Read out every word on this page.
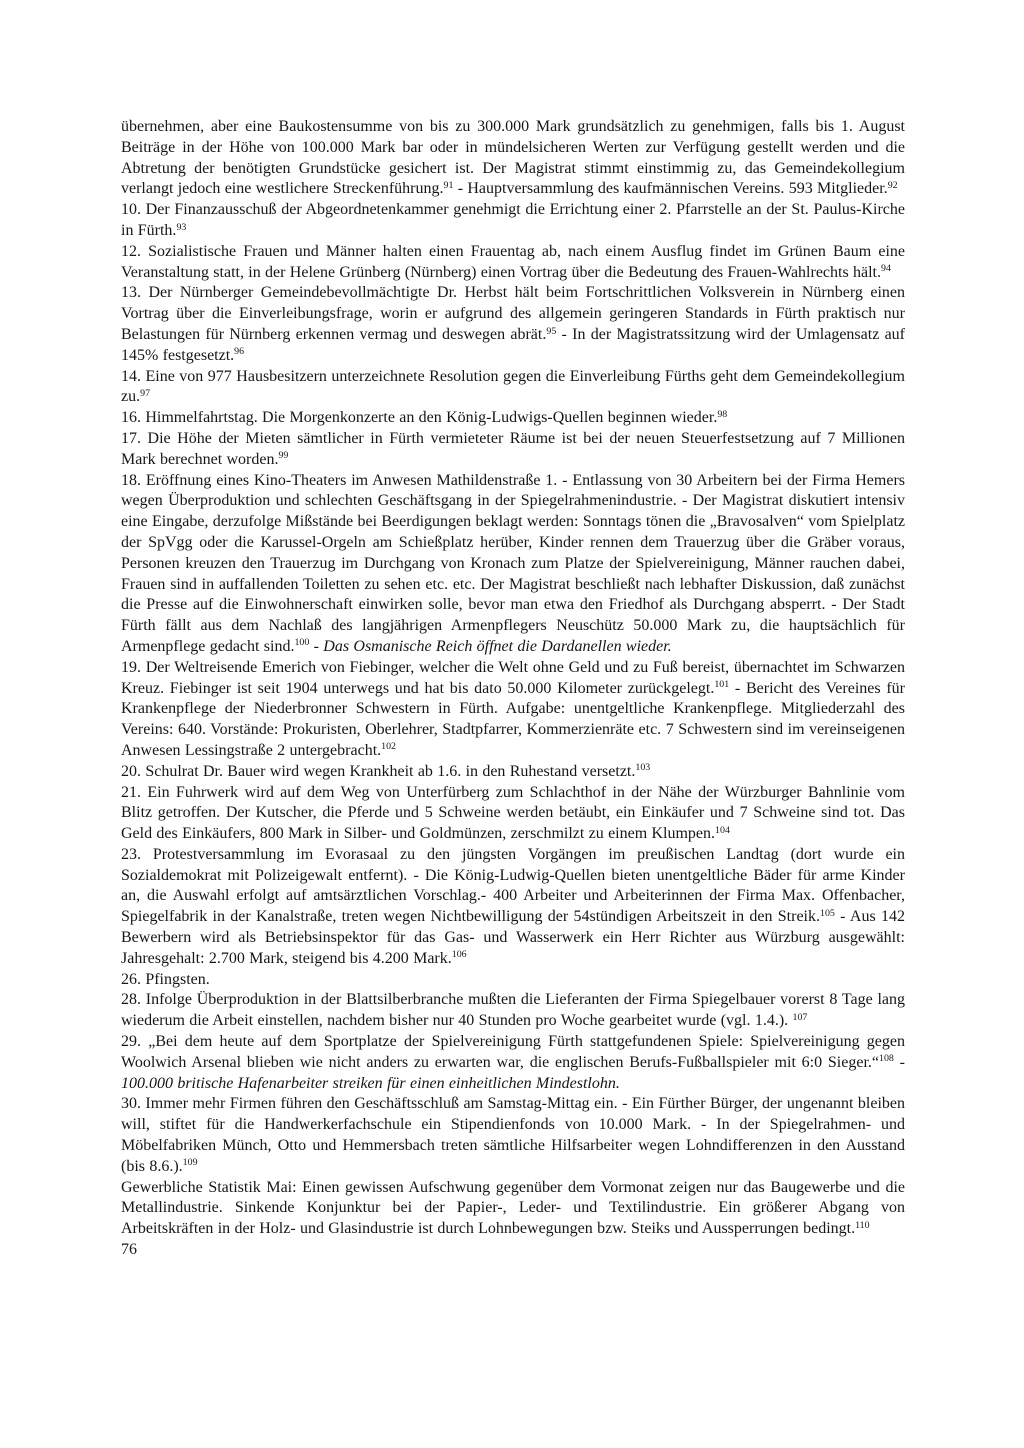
übernehmen, aber eine Baukostensumme von bis zu 300.000 Mark grundsätzlich zu genehmigen, falls bis 1. August Beiträge in der Höhe von 100.000 Mark bar oder in mündelsicheren Werten zur Verfügung gestellt werden und die Abtretung der benötigten Grundstücke gesichert ist. Der Magistrat stimmt einstimmig zu, das Gemeindekollegium verlangt jedoch eine westlichere Streckenführung.$^{91}$ - Hauptversammlung des kaufmännischen Vereins. 593 Mitglieder.$^{92}$

10. Der Finanzausschuß der Abgeordnetenkammer genehmigt die Errichtung einer 2. Pfarrstelle an der St. Paulus-Kirche in Fürth.$^{93}$

12. Sozialistische Frauen und Männer halten einen Frauentag ab, nach einem Ausflug findet im Grünen Baum eine Veranstaltung statt, in der Helene Grünberg (Nürnberg) einen Vortrag über die Bedeutung des Frauen-Wahlrechts hält.$^{94}$

13. Der Nürnberger Gemeindebevollmächtigte Dr. Herbst hält beim Fortschrittlichen Volksverein in Nürnberg einen Vortrag über die Einverleibungsfrage, worin er aufgrund des allgemein geringeren Standards in Fürth praktisch nur Belastungen für Nürnberg erkennen vermag und deswegen abrät.$^{95}$ - In der Magistratssitzung wird der Umlagensatz auf 145% festgesetzt.$^{96}$

14. Eine von 977 Hausbesitzern unterzeichnete Resolution gegen die Einverleibung Fürths geht dem Gemeindekollegium zu.$^{97}$

16. Himmelfahrtstag. Die Morgenkonzerte an den König-Ludwigs-Quellen beginnen wieder.$^{98}$

17. Die Höhe der Mieten sämtlicher in Fürth vermieteter Räume ist bei der neuen Steuerfestsetzung auf 7 Millionen Mark berechnet worden.$^{99}$

18. Eröffnung eines Kino-Theaters im Anwesen Mathildenstraße 1. - Entlassung von 30 Arbeitern bei der Firma Hemers wegen Überproduktion und schlechten Geschäftsgang in der Spiegelrahmenindustrie. - Der Magistrat diskutiert intensiv eine Eingabe, derzufolge Mißstände bei Beerdigungen beklagt werden: Sonntags tönen die „Bravosalven“ vom Spielplatz der SpVgg oder die Karussel-Orgeln am Schießplatz herüber, Kinder rennen dem Trauerzug über die Gräber voraus, Personen kreuzen den Trauerzug im Durchgang von Kronach zum Platze der Spielvereinigung, Männer rauchen dabei, Frauen sind in auffallenden Toiletten zu sehen etc. etc. Der Magistrat beschließt nach lebhafter Diskussion, daß zunächst die Presse auf die Einwohnerschaft einwirken solle, bevor man etwa den Friedhof als Durchgang absperrt. - Der Stadt Fürth fällt aus dem Nachlaß des langjährigen Armenpflegers Neuschütz 50.000 Mark zu, die hauptsächlich für Armenpflege gedacht sind.$^{100}$ - Das Osmanische Reich öffnet die Dardanellen wieder.

19. Der Weltreisende Emerich von Fiebinger, welcher die Welt ohne Geld und zu Fuß bereist, übernachtet im Schwarzen Kreuz. Fiebinger ist seit 1904 unterwegs und hat bis dato 50.000 Kilometer zurückgelegt.$^{101}$ - Bericht des Vereines für Krankenpflege der Niederbronner Schwestern in Fürth. Aufgabe: unentgeltliche Krankenpflege. Mitgliederzahl des Vereins: 640. Vorstände: Prokuristen, Oberlehrer, Stadtpfarrer, Kommerzienräte etc. 7 Schwestern sind im vereinseigenen Anwesen Lessingstraße 2 untergebracht.$^{102}$

20. Schulrat Dr. Bauer wird wegen Krankheit ab 1.6. in den Ruhestand versetzt.$^{103}$

21. Ein Fuhrwerk wird auf dem Weg von Unterfürberg zum Schlachthof in der Nähe der Würzburger Bahnlinie vom Blitz getroffen. Der Kutscher, die Pferde und 5 Schweine werden betäubt, ein Einkäufer und 7 Schweine sind tot. Das Geld des Einkäufers, 800 Mark in Silber- und Goldmünzen, zerschmilzt zu einem Klumpen.$^{104}$

23. Protestversammlung im Evorasaal zu den jüngsten Vorgängen im preußischen Landtag (dort wurde ein Sozialdemokrat mit Polizeigewalt entfernt). - Die König-Ludwig-Quellen bieten unentgeltliche Bäder für arme Kinder an, die Auswahl erfolgt auf amtsärztlichen Vorschlag.- 400 Arbeiter und Arbeiterinnen der Firma Max. Offenbacher, Spiegelfabrik in der Kanalstraße, treten wegen Nichtbewilligung der 54stündigen Arbeitszeit in den Streik.$^{105}$ - Aus 142 Bewerbern wird als Betriebsinspektor für das Gas- und Wasserwerk ein Herr Richter aus Würzburg ausgewählt: Jahresgehalt: 2.700 Mark, steigend bis 4.200 Mark.$^{106}$

26. Pfingsten.

28. Infolge Überproduktion in der Blattsilberbranche mußten die Lieferanten der Firma Spiegelbauer vorerst 8 Tage lang wiederum die Arbeit einstellen, nachdem bisher nur 40 Stunden pro Woche gearbeitet wurde (vgl. 1.4.). $^{107}$

29. „Bei dem heute auf dem Sportplatze der Spielvereinigung Fürth stattgefundenen Spiele: Spielvereinigung gegen Woolwich Arsenal blieben wie nicht anders zu erwarten war, die englischen Berufs-Fußballspieler mit 6:0 Sieger.“$^{108}$ - 100.000 britische Hafenarbeiter streiken für einen einheitlichen Mindestlohn.

30. Immer mehr Firmen führen den Geschäftsschluß am Samstag-Mittag ein. - Ein Fürther Bürger, der ungenannt bleiben will, stiftet für die Handwerkerfachschule ein Stipendienfonds von 10.000 Mark. - In der Spiegelrahmen- und Möbelfabriken Münch, Otto und Hemmersbach treten sämtliche Hilfsarbeiter wegen Lohndifferenzen in den Ausstand (bis 8.6.).$^{109}$

Gewerbliche Statistik Mai: Einen gewissen Aufschwung gegenüber dem Vormonat zeigen nur das Baugewerbe und die Metallindustrie. Sinkende Konjunktur bei der Papier-, Leder- und Textilindustrie. Ein größerer Abgang von Arbeitskräften in der Holz- und Glasindustrie ist durch Lohnbewegungen bzw. Steiks und Aussperrungen bedingt.$^{110}$

76
